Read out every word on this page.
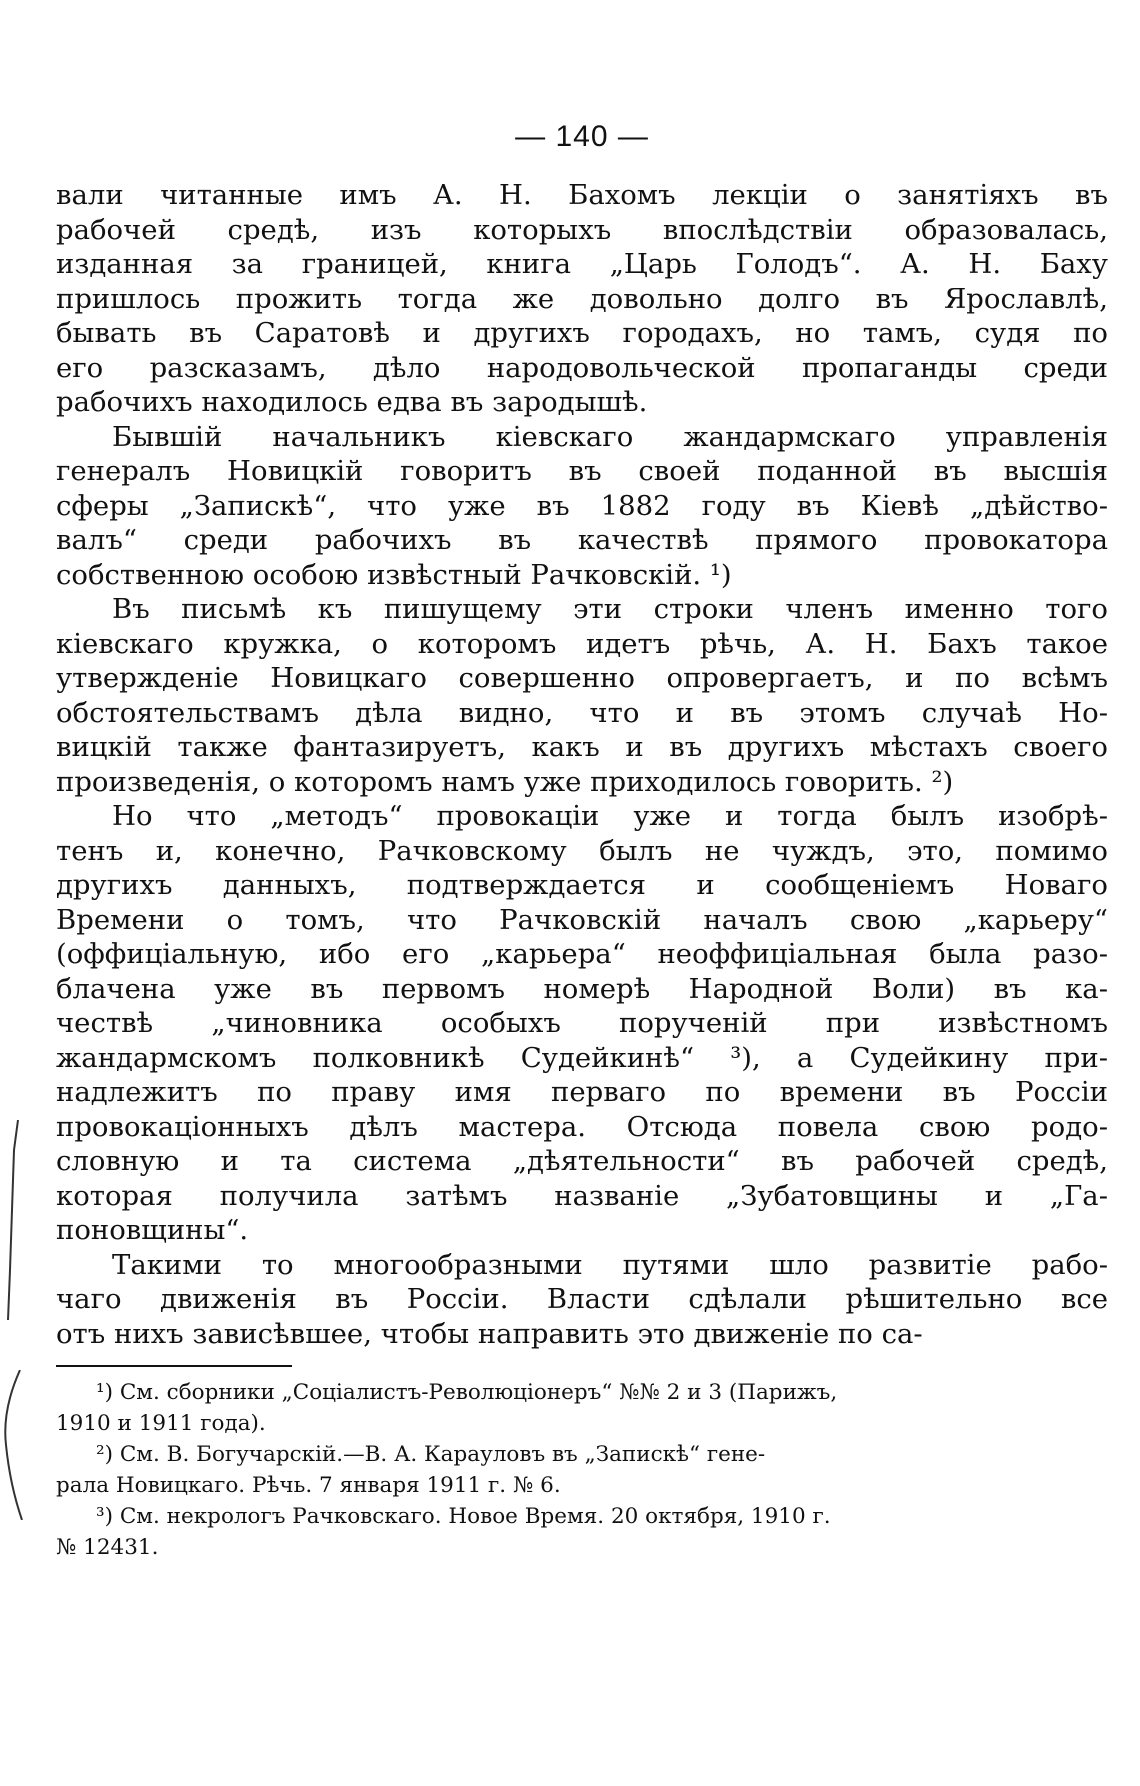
— 140 —
вали читанные имъ А. Н. Бахомъ лекціи о занятіяхъ въ
рабочей средѣ, изъ которыхъ впослѣдствіи образовалась,
изданная за границей, книга „Царь Голодъ“. А. Н. Баху
пришлось прожить тогда же довольно долго въ Ярославлѣ,
бывать въ Саратовѣ и другихъ городахъ, но тамъ, судя по
его разсказамъ, дѣло народовольческой пропаганды среди
рабочихъ находилось едва въ зародышѣ.
Бывшій начальникъ кіевскаго жандармскаго управленія
генералъ Новицкій говоритъ въ своей поданной въ высшія
сферы „Запискѣ“, что уже въ 1882 году въ Кіевѣ „дѣйство-
валъ“ среди рабочихъ въ качествѣ прямого провокатора
собственною особою извѣстный Рачковскій. ¹)
Въ письмѣ къ пишущему эти строки членъ именно того
кіевскаго кружка, о которомъ идетъ рѣчь, А. Н. Бахъ такое
утвержденіе Новицкаго совершенно опровергаетъ, и по всѣмъ
обстоятельствамъ дѣла видно, что и въ этомъ случаѣ Но-
вицкій также фантазируетъ, какъ и въ другихъ мѣстахъ своего
произведенія, о которомъ намъ уже приходилось говорить. ²)
Но что „методъ“ провокаціи уже и тогда былъ изобрѣ-
тенъ и, конечно, Рачковскому былъ не чуждъ, это, помимо
другихъ данныхъ, подтверждается и сообщеніемъ Новаго
Времени о томъ, что Рачковскій началъ свою „карьеру“
(оффиціальную, ибо его „карьера“ неоффиціальная была разо-
блачена уже въ первомъ номерѣ Народной Воли) въ ка-
чествѣ „чиновника особыхъ порученій при извѣстномъ
жандармскомъ полковникѣ Судейкинѣ“ ³), а Судейкину при-
надлежитъ по праву имя перваго по времени въ Россіи
провокаціонныхъ дѣлъ мастера. Отсюда повела свою родо-
словную и та система „дѣятельности“ въ рабочей средѣ,
которая получила затѣмъ названіе „Зубатовщины и „Га-
поновщины“.
Такими то многообразными путями шло развитіе рабо-
чаго движенія въ Россіи. Власти сдѣлали рѣшительно все
отъ нихъ зависѣвшее, чтобы направить это движеніе по са-
¹) См. сборники „Соціалистъ-Революціонеръ“ №№ 2 и 3 (Парижъ,
1910 и 1911 года).
²) См. В. Богучарскій.—В. А. Карауловъ въ „Запискѣ“ гене-
рала Новицкаго. Рѣчь. 7 января 1911 г. № 6.
³) См. некрологъ Рачковскаго. Новое Время. 20 октября, 1910 г.
№ 12431.
